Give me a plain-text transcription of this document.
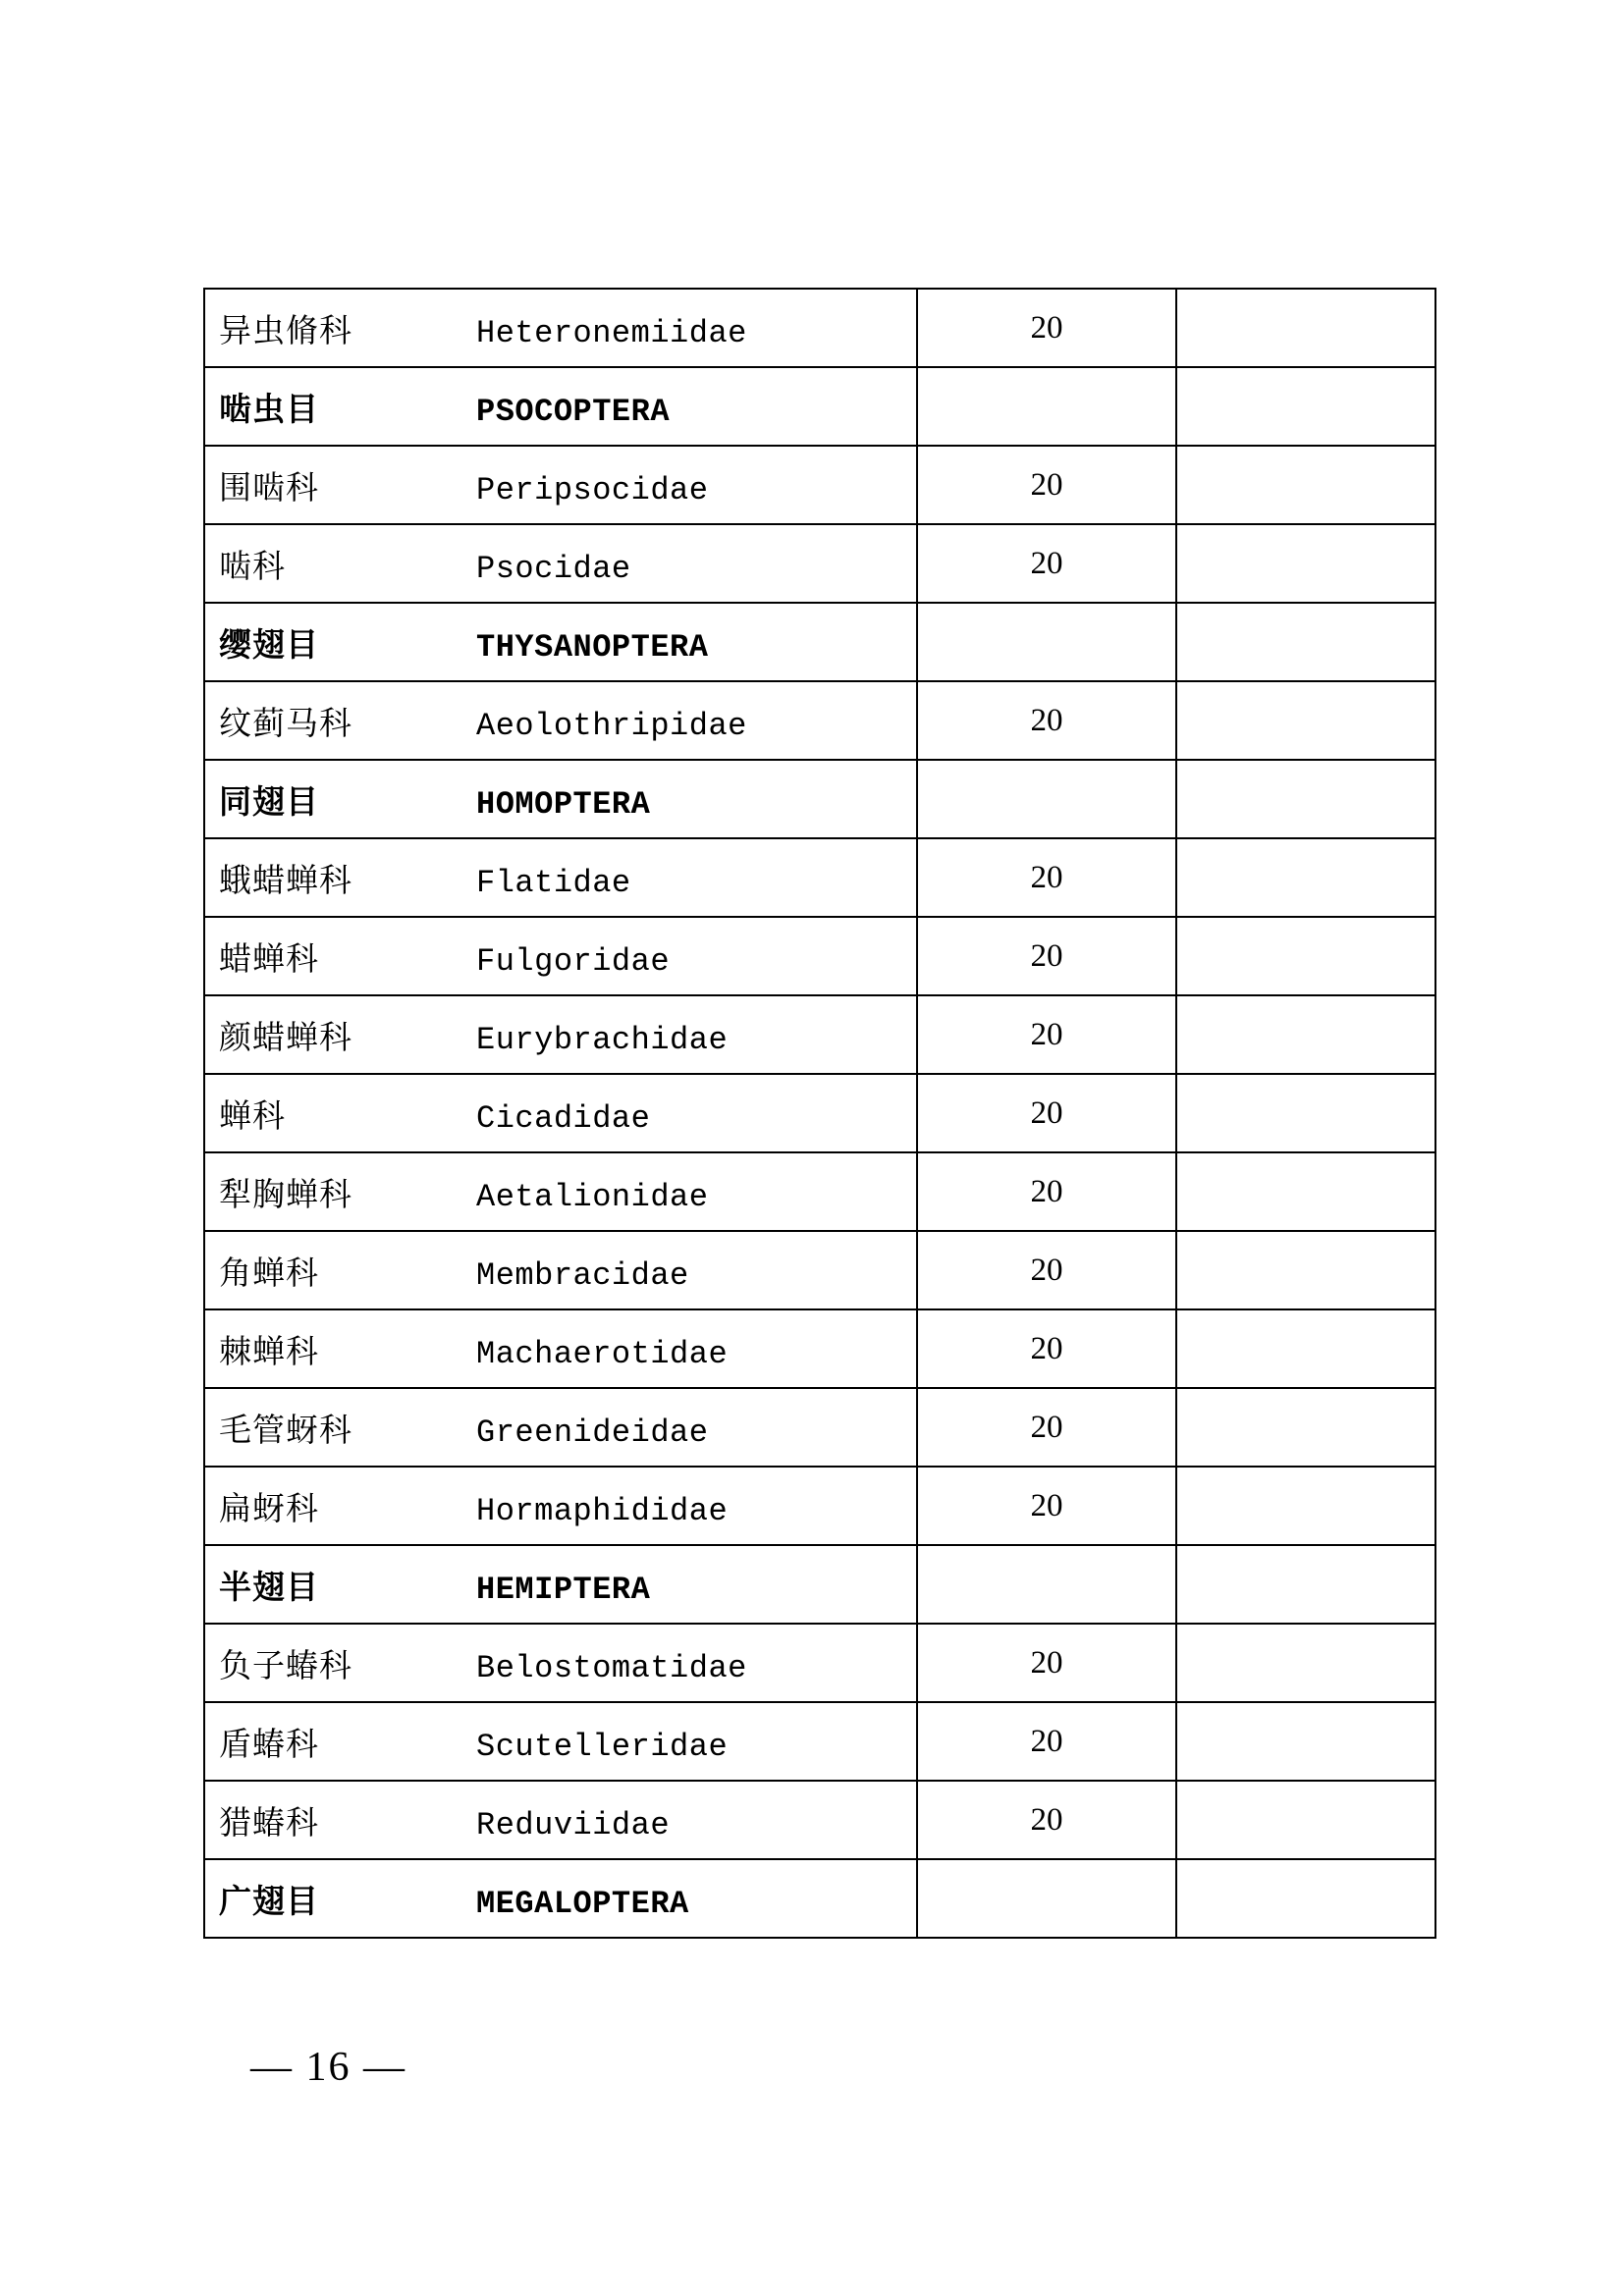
异虫脩科 Heteronemiidae	20	
啮虫目 PSOCOPTERA		
围啮科 Peripsocidae	20	
啮科 Psocidae	20	
缨翅目 THYSANOPTERA		
纹蓟马科 Aeolothripidae	20	
同翅目 HOMOPTERA		
蛾蜡蝉科 Flatidae	20	
蜡蝉科 Fulgoridae	20	
颜蜡蝉科 Eurybrachidae	20	
蝉科 Cicadidae	20	
犁胸蝉科 Aetalionidae	20	
角蝉科 Membracidae	20	
棘蝉科 Machaerotidae	20	
毛管蚜科 Greenideidae	20	
扁蚜科 Hormaphididae	20	
半翅目 HEMIPTERA		
负子蝽科 Belostomatidae	20	
盾蝽科 Scutelleridae	20	
猎蝽科 Reduviidae	20	
广翅目 MEGALOPTERA		
— 16 —
